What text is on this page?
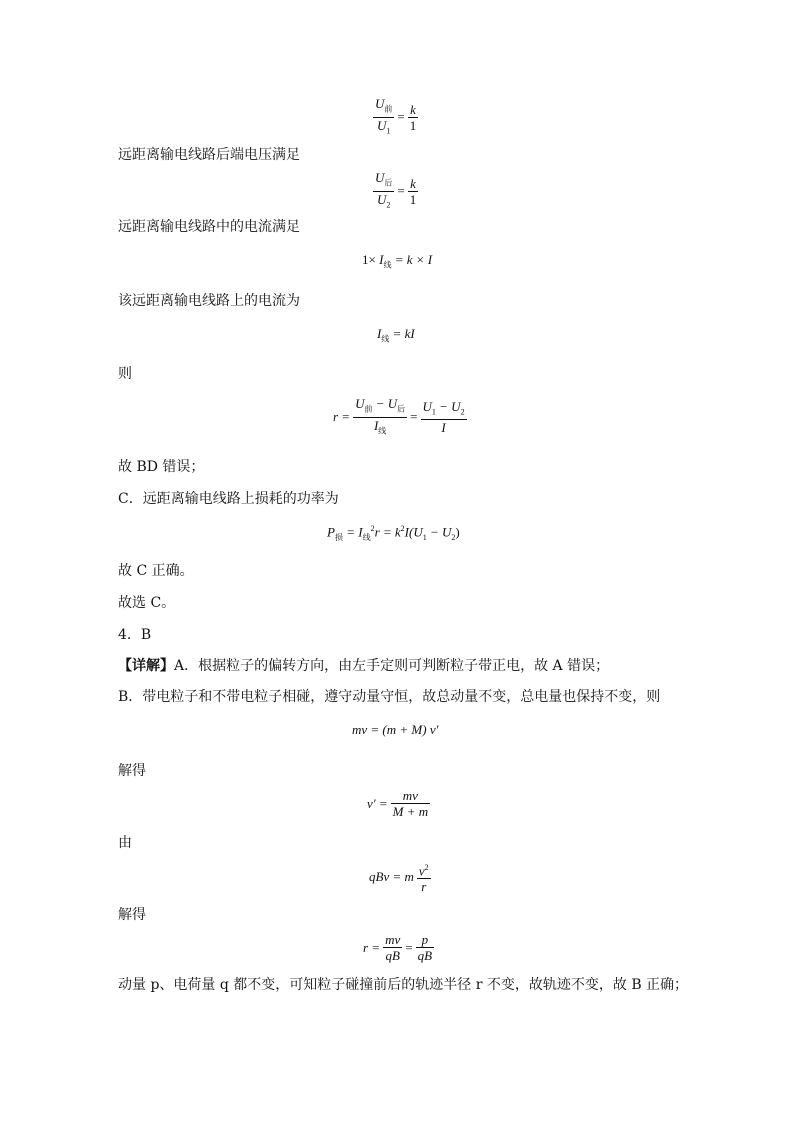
$\frac{U_前}{U_1} = \frac{k}{1}$
远距离输电线路后端电压满足
$\frac{U_后}{U_2} = \frac{k}{1}$
远距离输电线路中的电流满足
$1\times I_线 = k \times I$
该远距离输电线路上的电流为
$I_线$ = kI
则
$r = \frac{U_前 - U_后}{I_线} = \frac{U_1 - U_2}{I}$
故 BD 错误；
C．远距离输电线路上损耗的功率为
$P_损 = I_线^2r = k^2I(U_1 - U_2)$
故 C 正确。
故选 C。
4．B
【详解】A．根据粒子的偏转方向，由左手定则可判断粒子带正电，故 A 错误；
B．带电粒子和不带电粒子相碰，遵守动量守恒，故总动量不变，总电量也保持不变，则
mv = (m + M) v′
解得
$v' = \frac{mv}{M + m}$
由
qBv = m $\frac{v^2}{r}$
解得
$r = \frac{mv}{qB} = \frac{p}{qB}$
动量 p、电荷量 q 都不变，可知粒子碰撞前后的轨迹半径 r 不变，故轨迹不变，故 B 正确；
